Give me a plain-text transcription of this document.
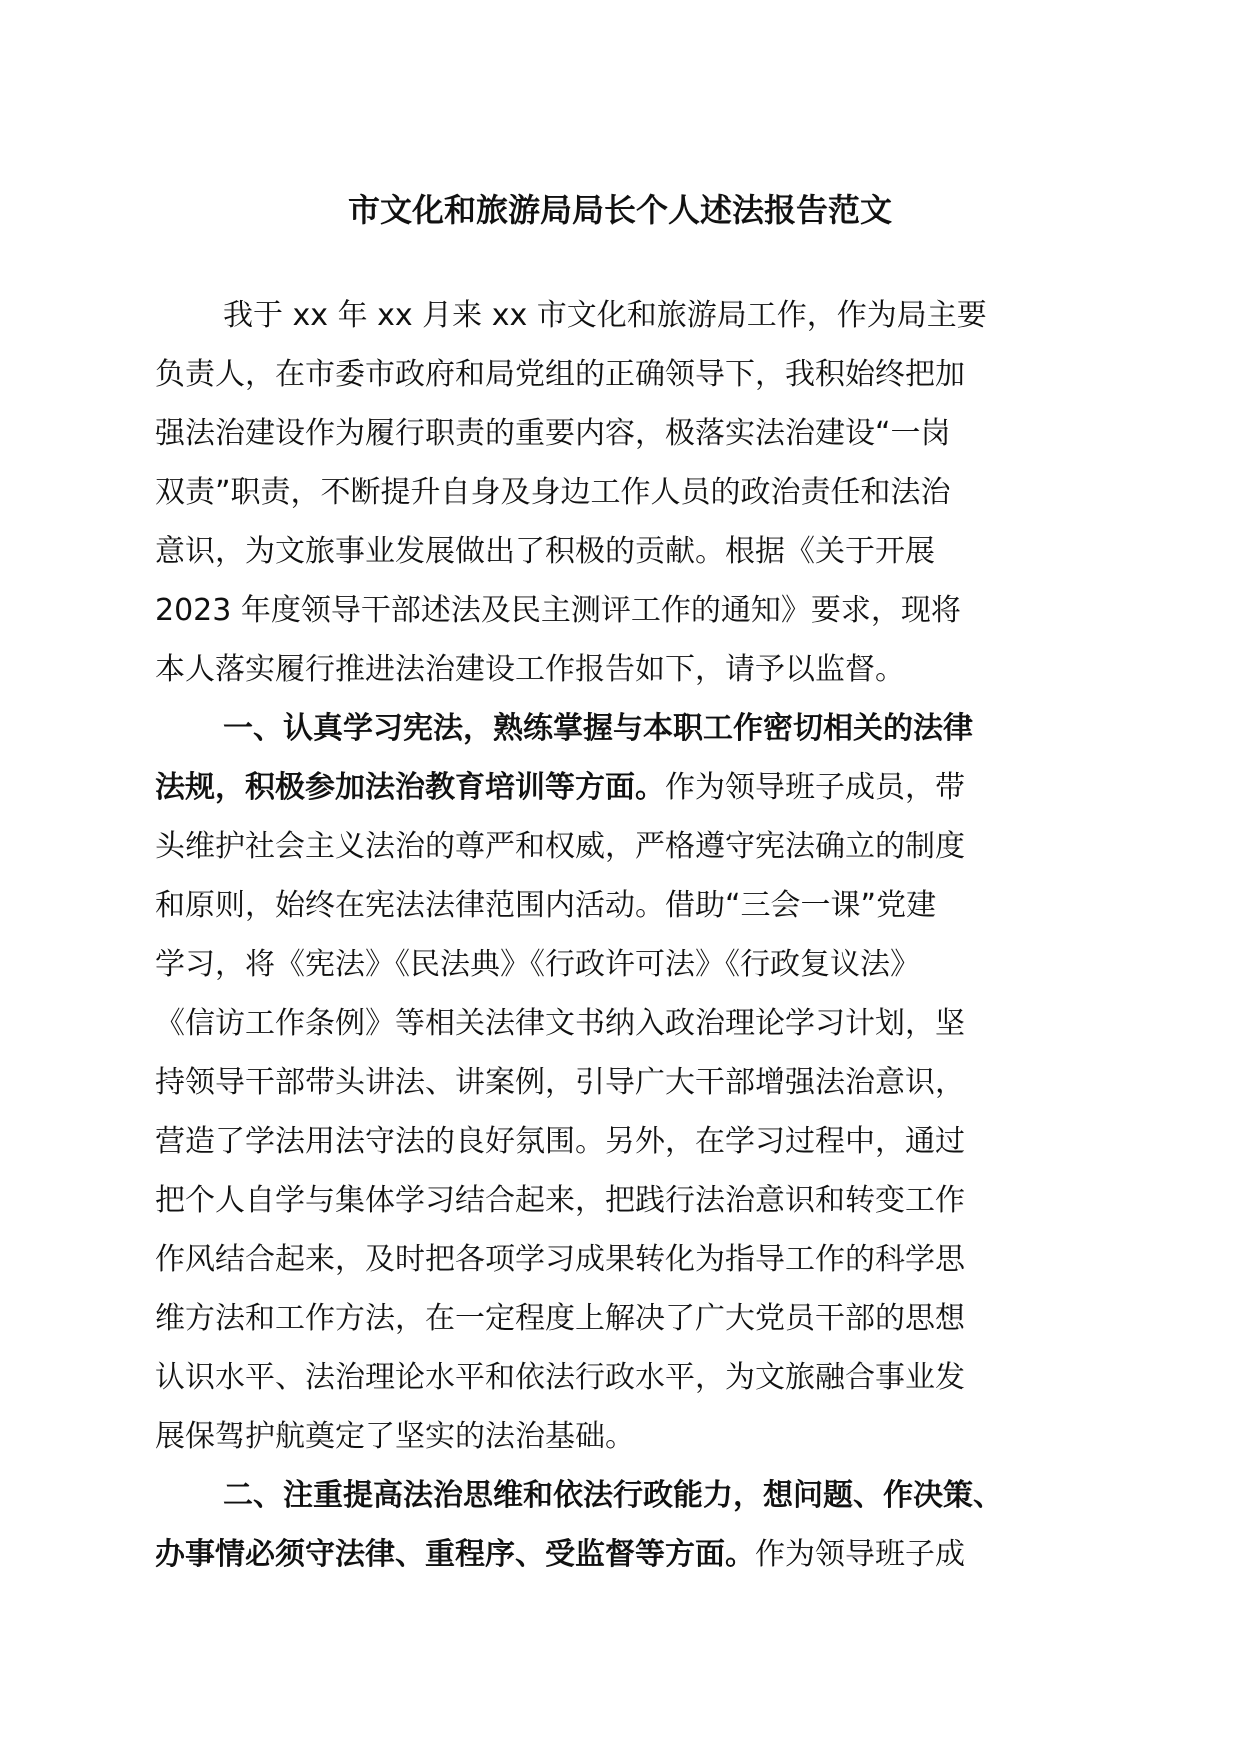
市文化和旅游局局长个人述法报告范文
我于 xx 年 xx 月来 xx 市文化和旅游局工作，作为局主要
负责人，在市委市政府和局党组的正确领导下，我积始终把加
强法治建设作为履行职责的重要内容，极落实法治建设“一岗
双责”职责，不断提升自身及身边工作人员的政治责任和法治
意识，为文旅事业发展做出了积极的贡献。根据《关于开展
2023 年度领导干部述法及民主测评工作的通知》要求，现将
本人落实履行推进法治建设工作报告如下，请予以监督。
一、认真学习宪法，熟练掌握与本职工作密切相关的法律
法规，积极参加法治教育培训等方面。作为领导班子成员，带
头维护社会主义法治的尊严和权威，严格遵守宪法确立的制度
和原则，始终在宪法法律范围内活动。借助“三会一课”党建
学习，将《宪法》《民法典》《行政许可法》《行政复议法》
《信访工作条例》等相关法律文书纳入政治理论学习计划，坚
持领导干部带头讲法、讲案例，引导广大干部增强法治意识，
营造了学法用法守法的良好氛围。另外，在学习过程中，通过
把个人自学与集体学习结合起来，把践行法治意识和转变工作
作风结合起来，及时把各项学习成果转化为指导工作的科学思
维方法和工作方法，在一定程度上解决了广大党员干部的思想
认识水平、法治理论水平和依法行政水平，为文旅融合事业发
展保驾护航奠定了坚实的法治基础。
二、注重提高法治思维和依法行政能力，想问题、作决策、
办事情必须守法律、重程序、受监督等方面。作为领导班子成
